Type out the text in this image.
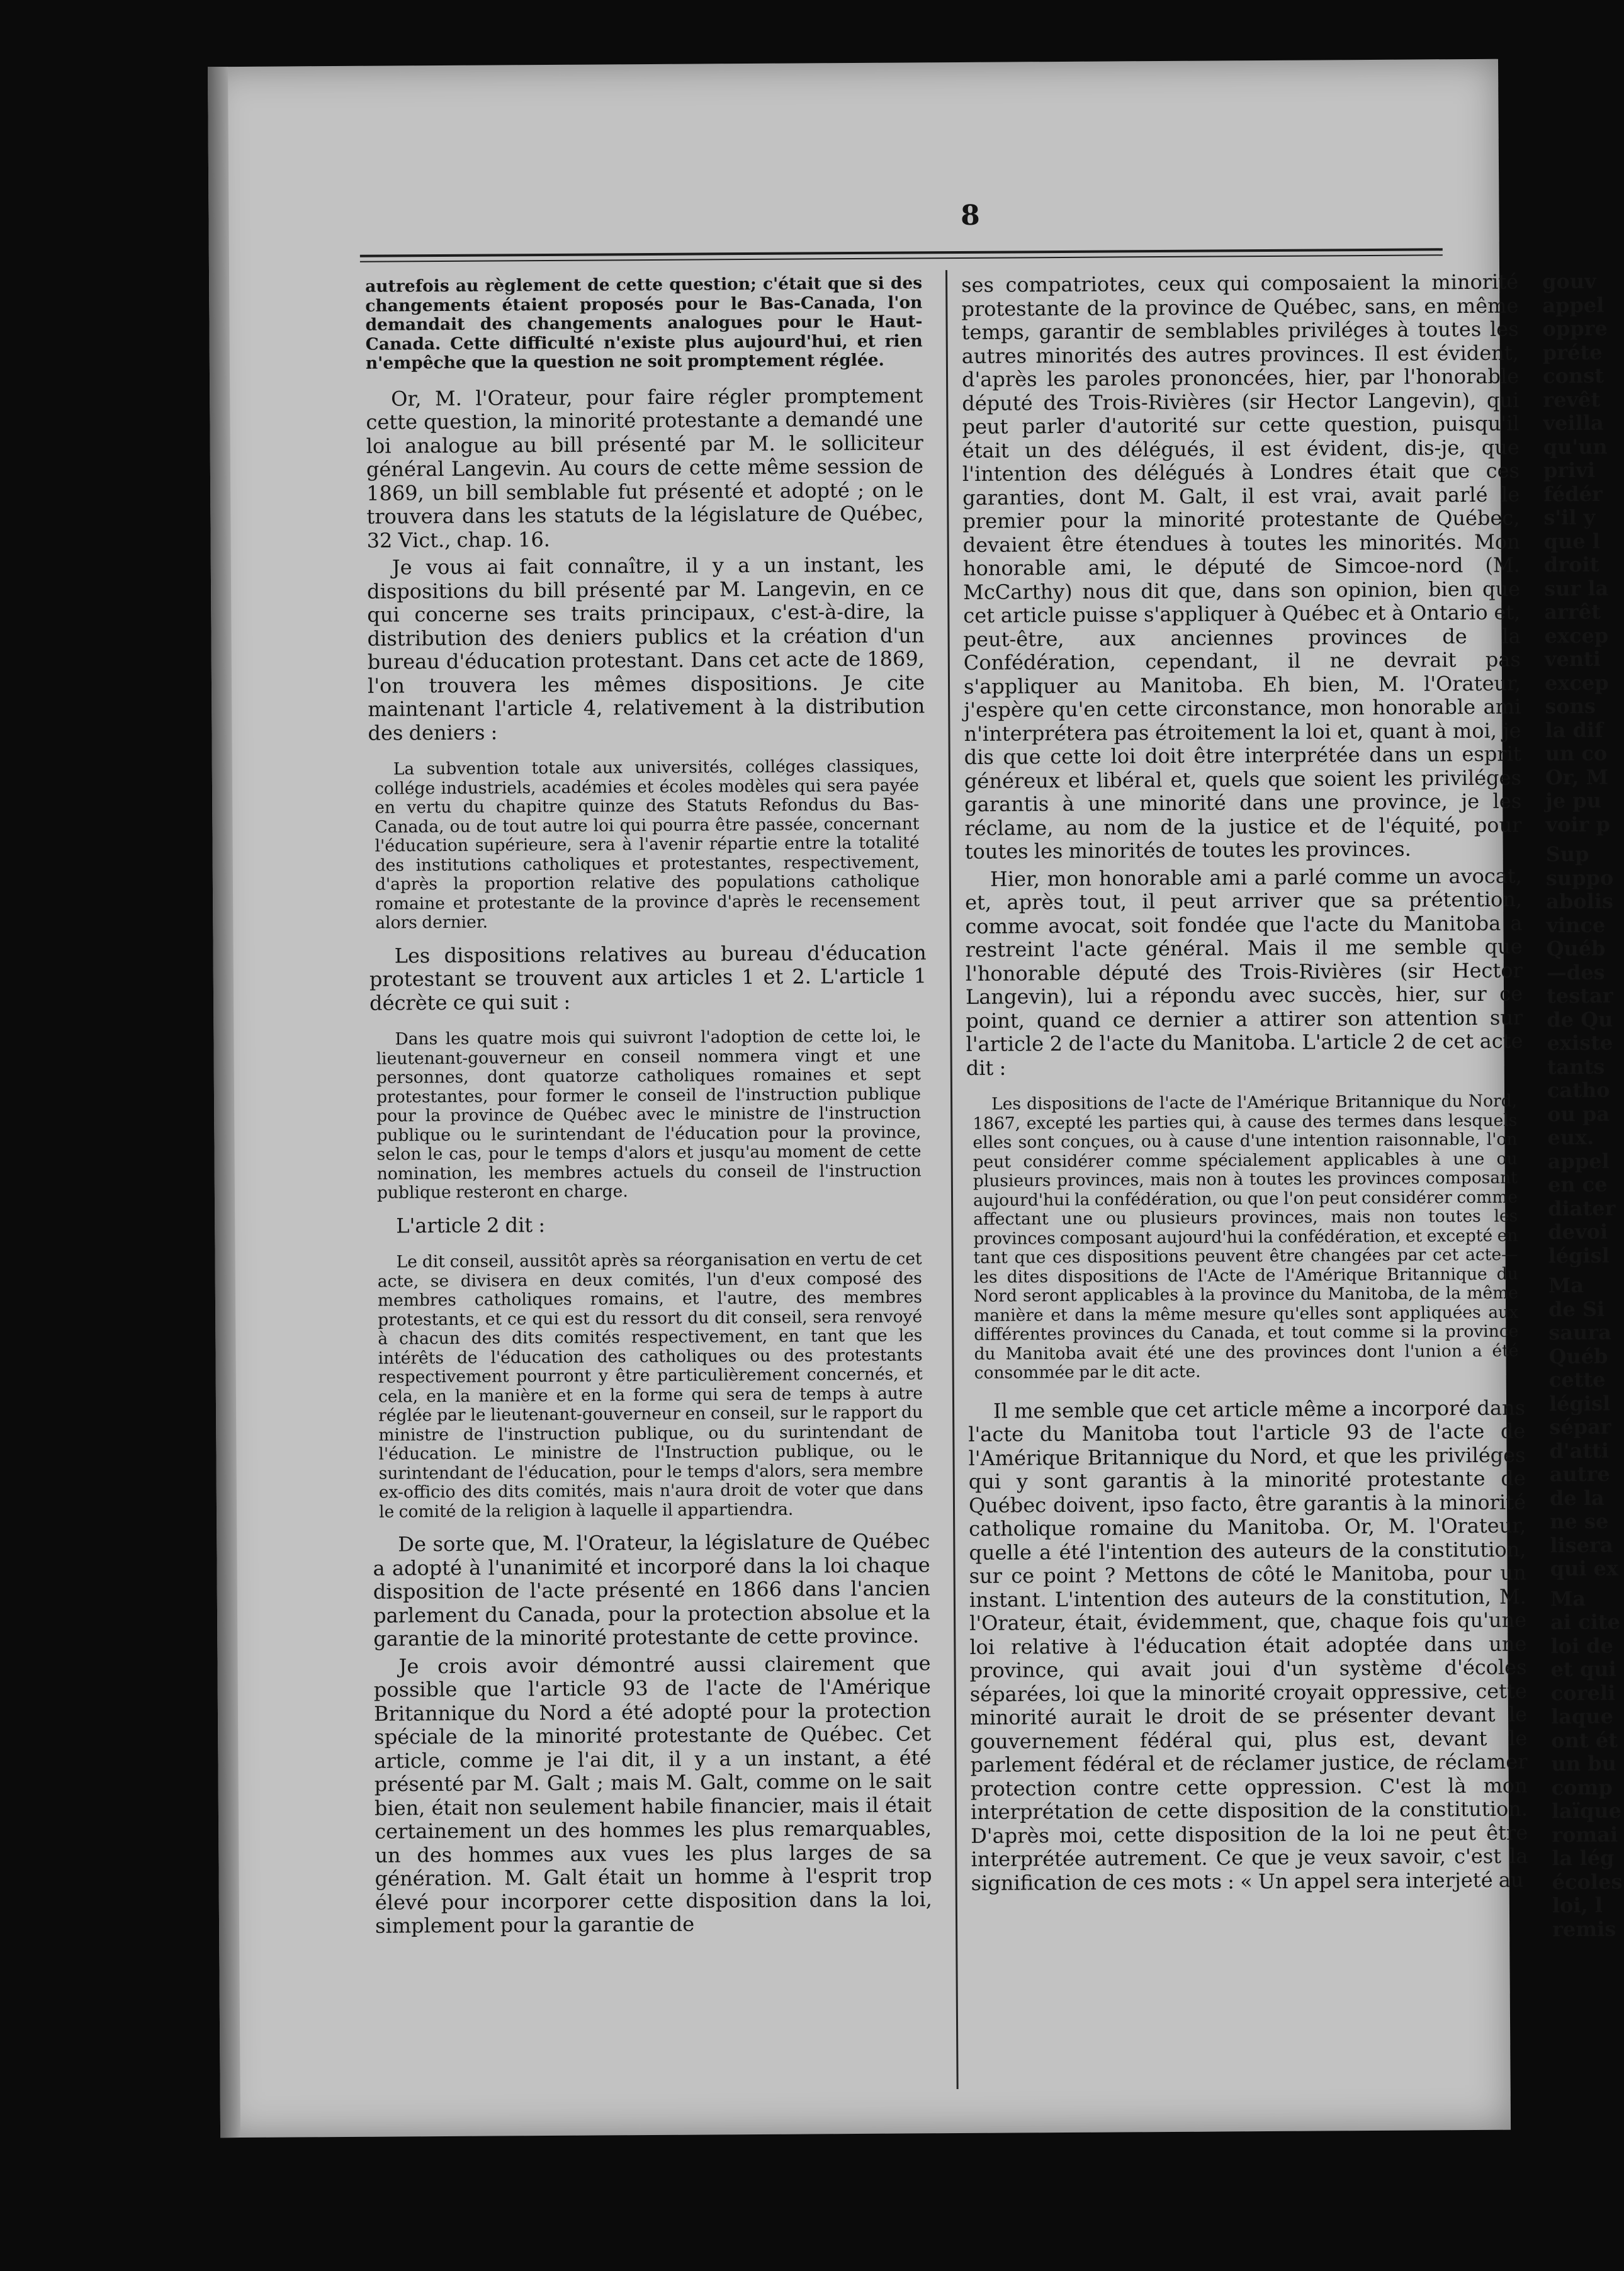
8

autrefois au règlement de cette question; c'était que si des changements étaient proposés pour le Bas-Canada, l'on demandait des changements analogues pour le Haut-Canada. Cette difficulté n'existe plus aujourd'hui, et rien n'empêche que la question ne soit promptement réglée.

Or, M. l'Orateur, pour faire régler promptement cette question, la minorité protestante a demandé une loi analogue au bill présenté par M. le solliciteur général Langevin. Au cours de cette même session de 1869, un bill semblable fut présenté et adopté ; on le trouvera dans les statuts de la législature de Québec, 32 Vict., chap. 16.

Je vous ai fait connaître, il y a un instant, les dispositions du bill présenté par M. Langevin, en ce qui concerne ses traits principaux, c'est-à-dire, la distribution des deniers publics et la création d'un bureau d'éducation protestant. Dans cet acte de 1869, l'on trouvera les mêmes dispositions. Je cite maintenant l'article 4, relativement à la distribution des deniers :

La subvention totale aux universités, colléges classiques, collége industriels, académies et écoles modèles qui sera payée en vertu du chapitre quinze des Statuts Refondus du Bas-Canada, ou de tout autre loi qui pourra être passée, concernant l'éducation supérieure, sera à l'avenir répartie entre la totalité des institutions catholiques et protestantes, respectivement, d'après la proportion relative des populations catholique romaine et protestante de la province d'après le recensement alors dernier.

Les dispositions relatives au bureau d'éducation protestant se trouvent aux articles 1 et 2. L'article 1 décrète ce qui suit :

Dans les quatre mois qui suivront l'adoption de cette loi, le lieutenant-gouverneur en conseil nommera vingt et une personnes, dont quatorze catholiques romaines et sept protestantes, pour former le conseil de l'instruction publique pour la province de Québec avec le ministre de l'instruction publique ou le surintendant de l'éducation pour la province, selon le cas, pour le temps d'alors et jusqu'au moment de cette nomination, les membres actuels du conseil de l'instruction publique resteront en charge.

L'article 2 dit :

Le dit conseil, aussitôt après sa réorganisation en vertu de cet acte, se divisera en deux comités, l'un d'eux composé des membres catholiques romains, et l'autre, des membres protestants, et ce qui est du ressort du dit conseil, sera renvoyé à chacun des dits comités respectivement, en tant que les intérêts de l'éducation des catholiques ou des protestants respectivement pourront y être particulièrement concernés, et cela, en la manière et en la forme qui sera de temps à autre réglée par le lieutenant-gouverneur en conseil, sur le rapport du ministre de l'instruction publique, ou du surintendant de l'éducation. Le ministre de l'Instruction publique, ou le surintendant de l'éducation, pour le temps d'alors, sera membre ex-officio des dits comités, mais n'aura droit de voter que dans le comité de la religion à laquelle il appartiendra.

De sorte que, M. l'Orateur, la législature de Québec a adopté à l'unanimité et incorporé dans la loi chaque disposition de l'acte présenté en 1866 dans l'ancien parlement du Canada, pour la protection absolue et la garantie de la minorité protestante de cette province.

Je crois avoir démontré aussi clairement que possible que l'article 93 de l'acte de l'Amérique Britannique du Nord a été adopté pour la protection spéciale de la minorité protestante de Québec. Cet article, comme je l'ai dit, il y a un instant, a été présenté par M. Galt ; mais M. Galt, comme on le sait bien, était non seulement habile financier, mais il était certainement un des hommes les plus remarquables, un des hommes aux vues les plus larges de sa génération. M. Galt était un homme à l'esprit trop élevé pour incorporer cette disposition dans la loi, simplement pour la garantie de

ses compatriotes, ceux qui composaient la minorité protestante de la province de Québec, sans, en même temps, garantir de semblables priviléges à toutes les autres minorités des autres provinces. Il est évident, d'après les paroles prononcées, hier, par l'honorable député des Trois-Rivières (sir Hector Langevin), qui peut parler d'autorité sur cette question, puisqu'il était un des délégués, il est évident, dis-je, que l'intention des délégués à Londres était que ces garanties, dont M. Galt, il est vrai, avait parlé le premier pour la minorité protestante de Québec, devaient être étendues à toutes les minorités. Mon honorable ami, le député de Simcoe-nord (M. McCarthy) nous dit que, dans son opinion, bien que cet article puisse s'appliquer à Québec et à Ontario et, peut-être, aux anciennes provinces de la Confédération, cependant, il ne devrait pas s'appliquer au Manitoba. Eh bien, M. l'Orateur, j'espère qu'en cette circonstance, mon honorable ami n'interprétera pas étroitement la loi et, quant à moi, je dis que cette loi doit être interprétée dans un esprit généreux et libéral et, quels que soient les priviléges garantis à une minorité dans une province, je les réclame, au nom de la justice et de l'équité, pour toutes les minorités de toutes les provinces.

Hier, mon honorable ami a parlé comme un avocat, et, après tout, il peut arriver que sa prétention, comme avocat, soit fondée que l'acte du Manitoba a restreint l'acte général. Mais il me semble que l'honorable député des Trois-Rivières (sir Hector Langevin), lui a répondu avec succès, hier, sur ce point, quand ce dernier a attirer son attention sur l'article 2 de l'acte du Manitoba. L'article 2 de cet acte dit :

Les dispositions de l'acte de l'Amérique Britannique du Nord, 1867, excepté les parties qui, à cause des termes dans lesquels elles sont conçues, ou à cause d'une intention raisonnable, l'on peut considérer comme spécialement applicables à une ou plusieurs provinces, mais non à toutes les provinces composant aujourd'hui la confédération, ou que l'on peut considérer comme affectant une ou plusieurs provinces, mais non toutes les provinces composant aujourd'hui la confédération, et excepté en tant que ces dispositions peuvent être changées par cet acte—les dites dispositions de l'Acte de l'Amérique Britannique du Nord seront applicables à la province du Manitoba, de la même manière et dans la même mesure qu'elles sont appliquées aux différentes provinces du Canada, et tout comme si la province du Manitoba avait été une des provinces dont l'union a été consommée par le dit acte.

Il me semble que cet article même a incorporé dans l'acte du Manitoba tout l'article 93 de l'acte de l'Amérique Britannique du Nord, et que les priviléges qui y sont garantis à la minorité protestante de Québec doivent, ipso facto, être garantis à la minorité catholique romaine du Manitoba. Or, M. l'Orateur, quelle a été l'intention des auteurs de la constitution, sur ce point ? Mettons de côté le Manitoba, pour un instant. L'intention des auteurs de la constitution, M. l'Orateur, était, évidemment, que, chaque fois qu'une loi relative à l'éducation était adoptée dans une province, qui avait joui d'un système d'écoles séparées, loi que la minorité croyait oppressive, cette minorité aurait le droit de se présenter devant le gouvernement fédéral qui, plus est, devant le parlement fédéral et de réclamer justice, de réclamer protection contre cette oppression. C'est là mon interprétation de cette disposition de la constitution. D'après moi, cette disposition de la loi ne peut être interprétée autrement. Ce que je veux savoir, c'est la signification de ces mots : « Un appel sera interjeté au

gouv

appel

oppre

préte

const

revêt

veilla

qu'un

privi

fédér

s'il y

que l

droit

sur la

arrêt

excep

venti

excep

sons

la dif

un co

Or, M

je pu

voir p

Sup

suppo

abolis

vince

Québ

—des

testar

de Qu

existe

tants

catho

ou pa

eux.

appel

en ce

diater

devoi

législ

Ma

de Si

saura

Québ

cette

législ

sépar

d'atti

autre

de la

ne se

lisera

qui ex

Ma

ai cite

loi de

et qui

coreli

laque

ont ét

un bu

comp

laïque

romai

la lég

écoles

loi, l

remis
